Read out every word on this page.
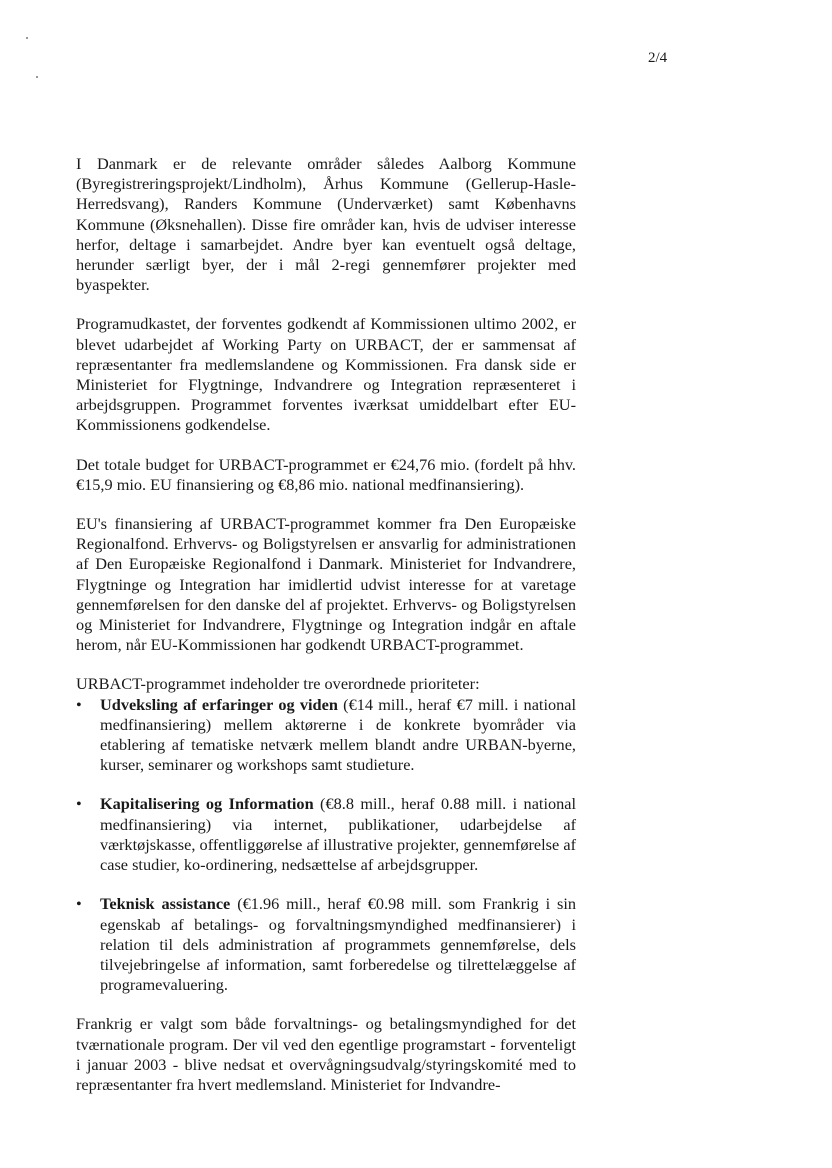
2/4

I Danmark er de relevante områder således Aalborg Kommune (Byregistreringsprojekt/Lindholm), Århus Kommune (Gellerup-Hasle-Herredsvang), Randers Kommune (Underværket) samt Københavns Kommune (Øksnehallen). Disse fire områder kan, hvis de udviser interesse herfor, deltage i samarbejdet. Andre byer kan eventuelt også deltage, herunder særligt byer, der i mål 2-regi gennemfører projekter med byaspekter.

Programudkastet, der forventes godkendt af Kommissionen ultimo 2002, er blevet udarbejdet af Working Party on URBACT, der er sammensat af repræsentanter fra medlemslandene og Kommissionen. Fra dansk side er Ministeriet for Flygtninge, Indvandrere og Integration repræsenteret i arbejdsgruppen. Programmet forventes iværksat umiddelbart efter EU-Kommissionens godkendelse.

Det totale budget for URBACT-programmet er €24,76 mio. (fordelt på hhv. €15,9 mio. EU finansiering og €8,86 mio. national medfinansiering).

EU's finansiering af URBACT-programmet kommer fra Den Europæiske Regionalfond. Erhvervs- og Boligstyrelsen er ansvarlig for administrationen af Den Europæiske Regionalfond i Danmark. Ministeriet for Indvandrere, Flygtninge og Integration har imidlertid udvist interesse for at varetage gennemførelsen for den danske del af projektet. Erhvervs- og Boligstyrelsen og Ministeriet for Indvandrere, Flygtninge og Integration indgår en aftale herom, når EU-Kommissionen har godkendt URBACT-programmet.

URBACT-programmet indeholder tre overordnede prioriteter:

• Udveksling af erfaringer og viden (€14 mill., heraf €7 mill. i national medfinansiering) mellem aktørerne i de konkrete byområder via etablering af tematiske netværk mellem blandt andre URBAN-byerne, kurser, seminarer og workshops samt studieture.
• Kapitalisering og Information (€8.8 mill., heraf 0.88 mill. i national medfinansiering) via internet, publikationer, udarbejdelse af værktøjskasse, offentliggørelse af illustrative projekter, gennemførelse af case studier, ko-ordinering, nedsættelse af arbejdsgrupper.
• Teknisk assistance (€1.96 mill., heraf €0.98 mill. som Frankrig i sin egenskab af betalings- og forvaltningsmyndighed medfinansierer) i relation til dels administration af programmets gennemførelse, dels tilvejebringelse af information, samt forberedelse og tilrettelæggelse af programevaluering.

Frankrig er valgt som både forvaltnings- og betalingsmyndighed for det tværnationale program. Der vil ved den egentlige programstart - forventeligt i januar 2003 - blive nedsat et overvågningsudvalg/styringskomité med to repræsentanter fra hvert medlemsland. Ministeriet for Indvandre-
